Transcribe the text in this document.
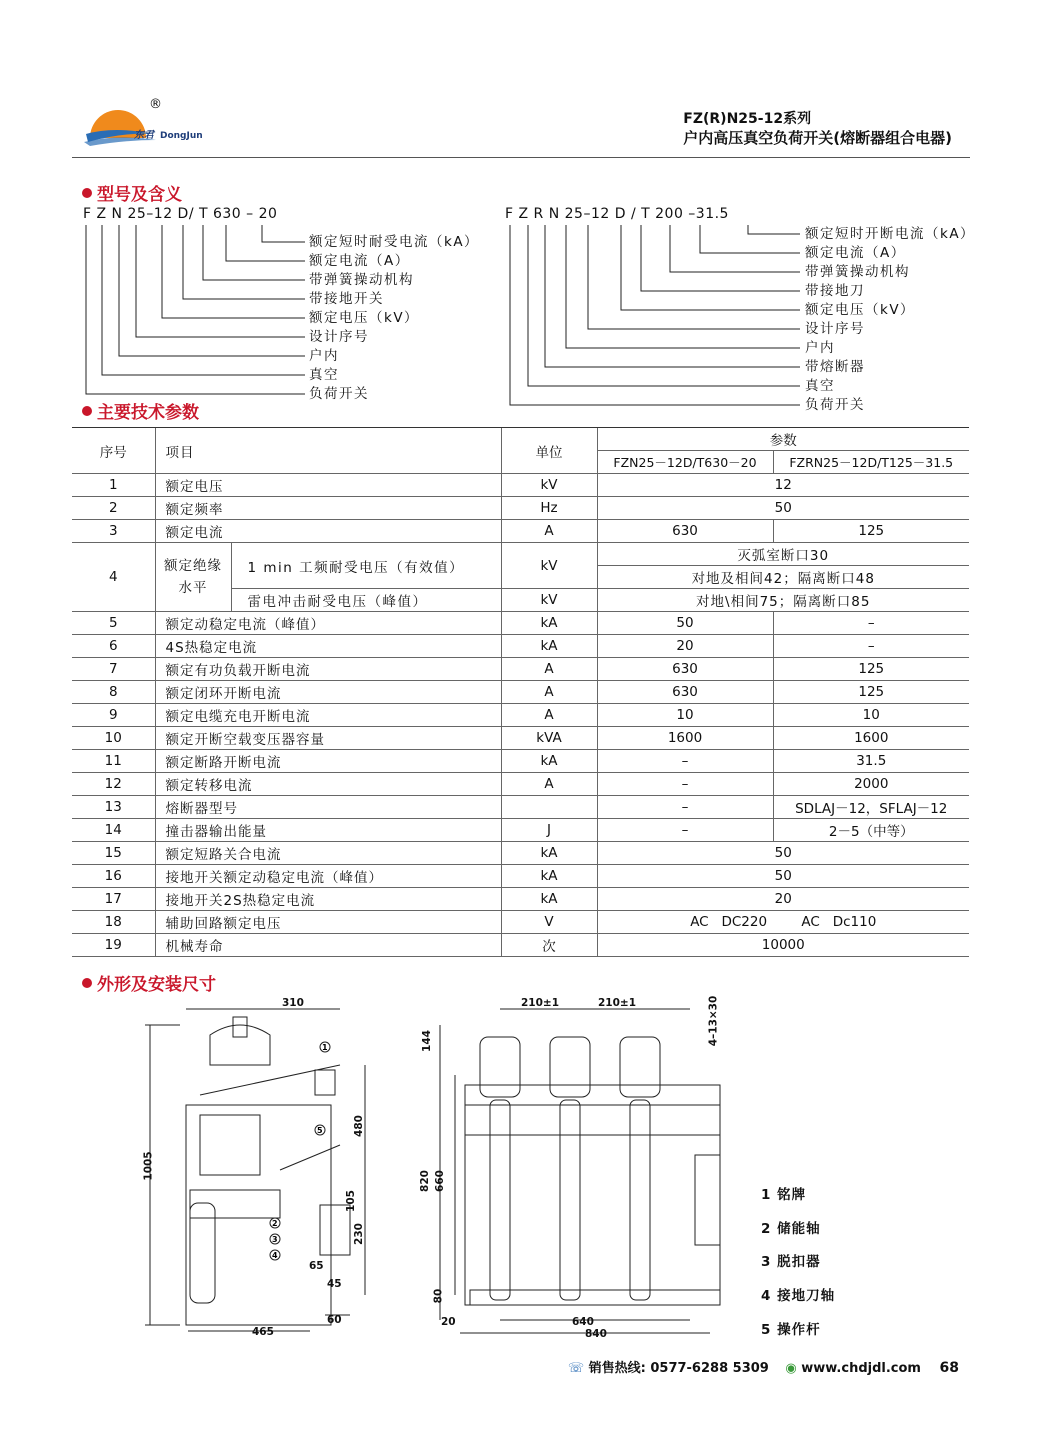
东君 DongJun
®
FZ(R)N25-12系列
户内高压真空负荷开关(熔断器组合电器)
型号及含义
F Z N 25–12 D/ T 630 – 20	F Z R N 25–12 D / T 200 –31.5
额定短时耐受电流（kA）
额定电流（A）
带弹簧操动机构
带接地开关
额定电压（kV）
设计序号
户内
真空
负荷开关
额定短时开断电流（kA）
额定电流（A）
带弹簧操动机构
带接地刀
额定电压（kV）
设计序号
户内
带熔断器
真空
负荷开关
主要技术参数
序号	项目		单位	参数	
				FZN25－12D/T630－20	FZRN25－12D/T125－31.5
1	额定电压		kV	12	
2	额定频率		Hz	50	
3	额定电流		A	630	125
4	额定绝缘
水平	1 min 工频耐受电压（有效值）	kV	灭弧室断口30	
				对地及相间42；隔离断口48	
		雷电冲击耐受电压（峰值）	kV	对地\相间75；隔离断口85	
5	额定动稳定电流（峰值）		kA	50	–
6	4S热稳定电流		kA	20	–
7	额定有功负载开断电流		A	630	125
8	额定闭环开断电流		A	630	125
9	额定电缆充电开断电流		A	10	10
10	额定开断空载变压器容量		kVA	1600	1600
11	额定断路开断电流		kA	–	31.5
12	额定转移电流		A	–	2000
13	熔断器型号			–	SDLAJ－12，SFLAJ－12
14	撞击器输出能量		J	–	2－5（中等）
15	额定短路关合电流		kA	50	
16	接地开关额定动稳定电流（峰值）		kA	50	
17	接地开关2S热稳定电流		kA	20	
18	辅助回路额定电压		V	AC   DC220        AC   Dc110	
19	机械寿命		次	10000	
外形及安装尺寸
1
5
2
3
4
310
1005
480
105
230
65
45
60
465
210±1	210±1
144	4–13×30
820 660
80
20	640
840
1 铭牌
2 储能轴
3 脱扣器
4 接地刀轴
5 操作杆
☏ 销售热线: 0577-6288 5309 ◉ www.chdjdl.com 68
